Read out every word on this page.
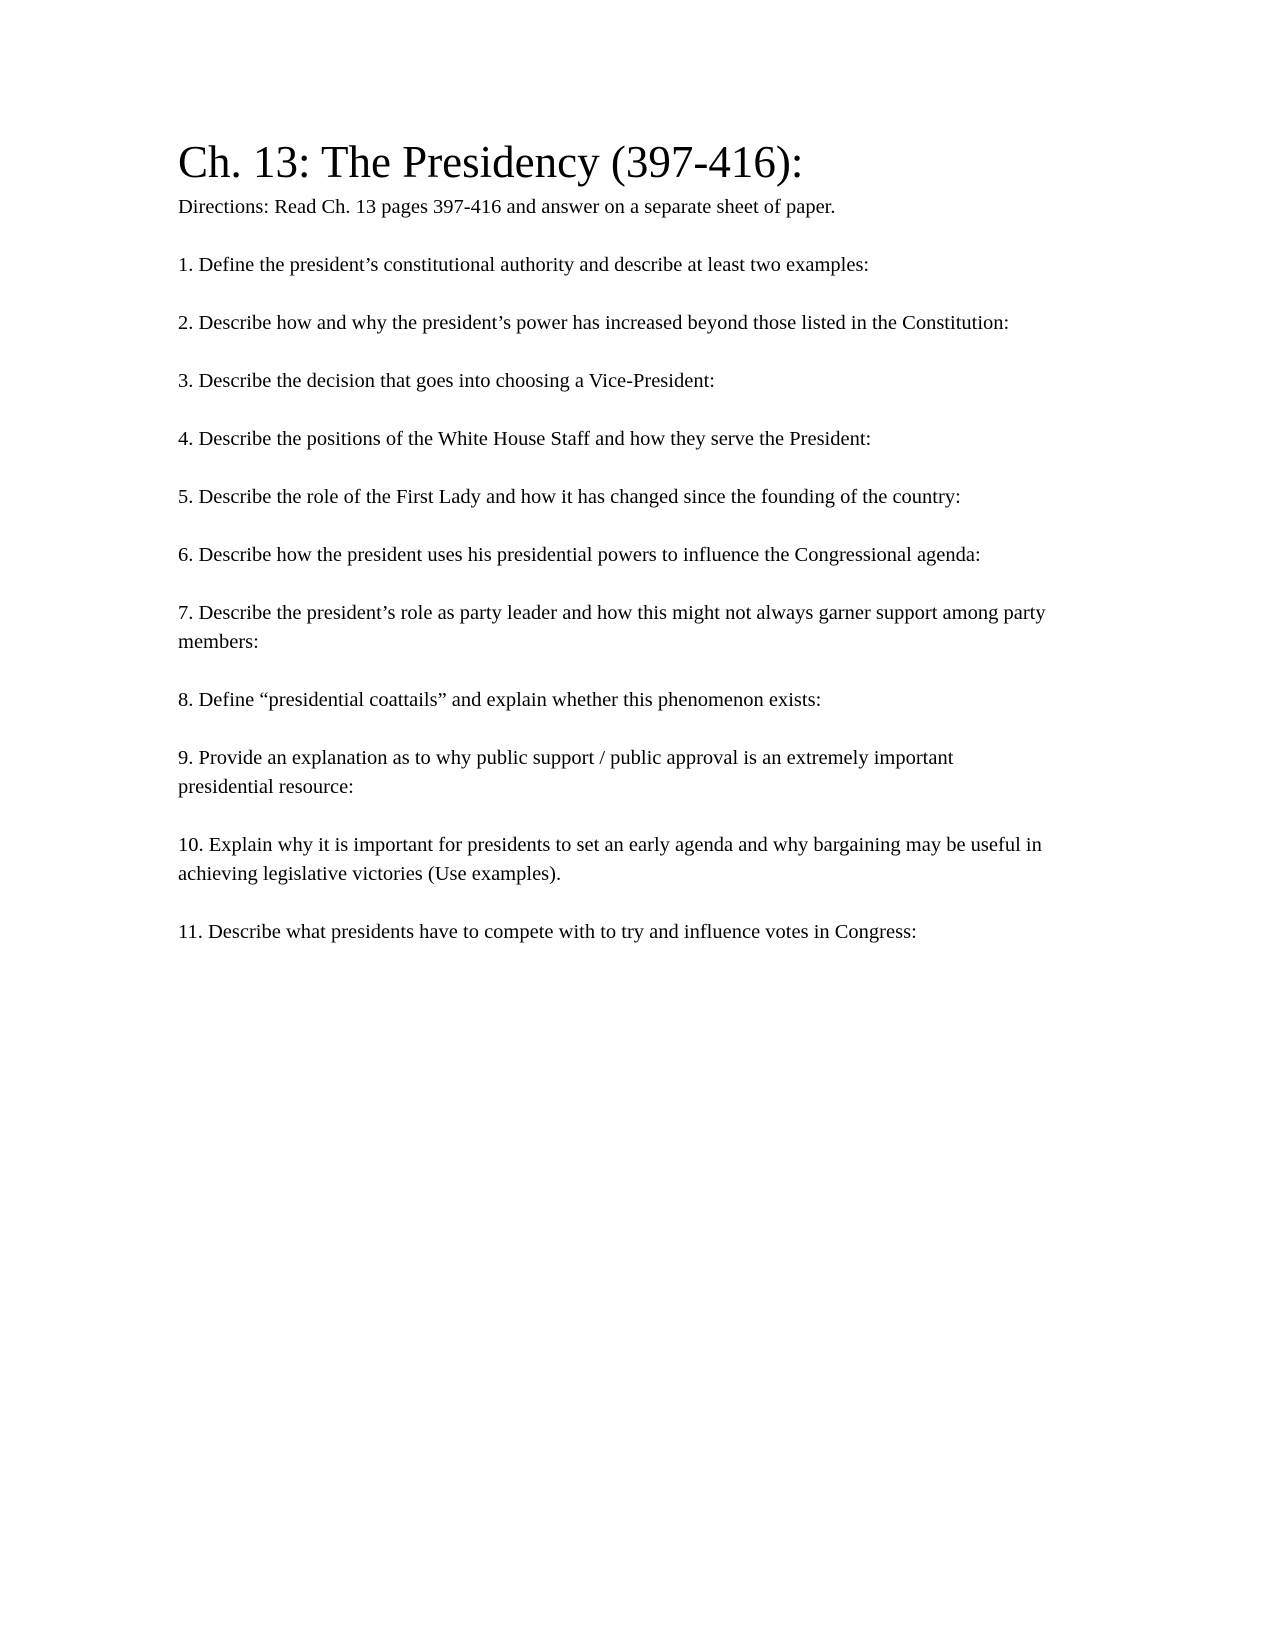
Ch. 13: The Presidency (397-416):

Directions: Read Ch. 13 pages 397-416 and answer on a separate sheet of paper.

1. Define the president’s constitutional authority and describe at least two examples:

2. Describe how and why the president’s power has increased beyond those listed in the Constitution:

3. Describe the decision that goes into choosing a Vice-President:

4. Describe the positions of the White House Staff and how they serve the President:

5. Describe the role of the First Lady and how it has changed since the founding of the country:

6. Describe how the president uses his presidential powers to influence the Congressional agenda:

7. Describe the president’s role as party leader and how this might not always garner support among party members:

8. Define “presidential coattails” and explain whether this phenomenon exists:

9. Provide an explanation as to why public support / public approval is an extremely important presidential resource:

10. Explain why it is important for presidents to set an early agenda and why bargaining may be useful in achieving legislative victories (Use examples).

11. Describe what presidents have to compete with to try and influence votes in Congress:
